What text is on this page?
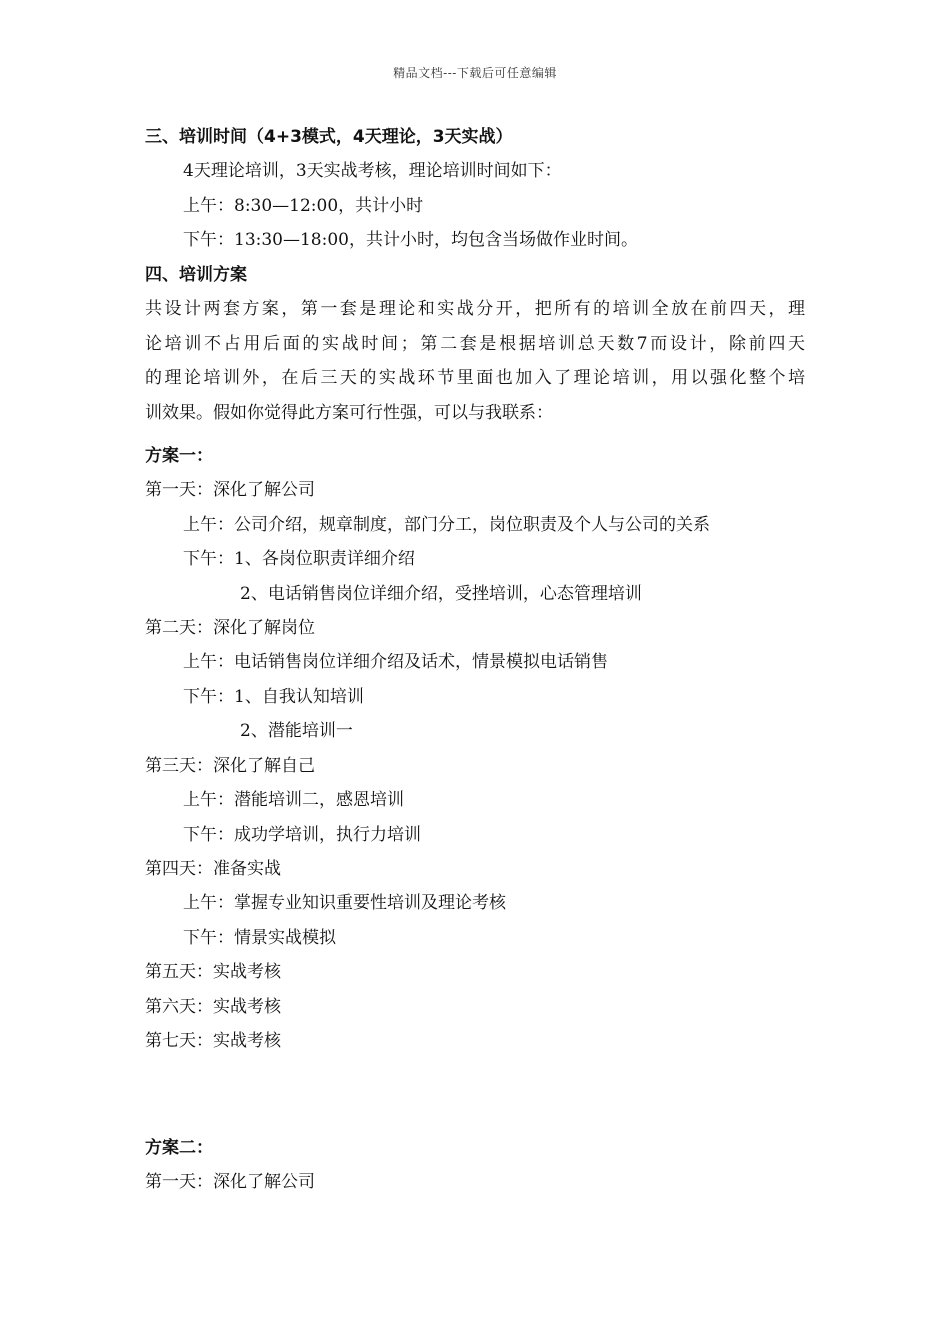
精品文档---下载后可任意编辑
三、培训时间（4+3模式，4天理论，3天实战）
4天理论培训，3天实战考核，理论培训时间如下：
上午：8:30—12:00，共计小时
下午：13:30—18:00，共计小时，均包含当场做作业时间。
四、培训方案
共设计两套方案，第一套是理论和实战分开，把所有的培训全放在前四天，理
论培训不占用后面的实战时间；第二套是根据培训总天数7而设计，除前四天
的理论培训外，在后三天的实战环节里面也加入了理论培训，用以强化整个培
训效果。假如你觉得此方案可行性强，可以与我联系：
方案一：
第一天：深化了解公司
上午：公司介绍，规章制度，部门分工，岗位职责及个人与公司的关系
下午：1、各岗位职责详细介绍
2、电话销售岗位详细介绍，受挫培训，心态管理培训
第二天：深化了解岗位
上午：电话销售岗位详细介绍及话术，情景模拟电话销售
下午：1、自我认知培训
2、潜能培训一
第三天：深化了解自己
上午：潜能培训二，感恩培训
下午：成功学培训，执行力培训
第四天：准备实战
上午：掌握专业知识重要性培训及理论考核
下午：情景实战模拟
第五天：实战考核
第六天：实战考核
第七天：实战考核
方案二：
第一天：深化了解公司
